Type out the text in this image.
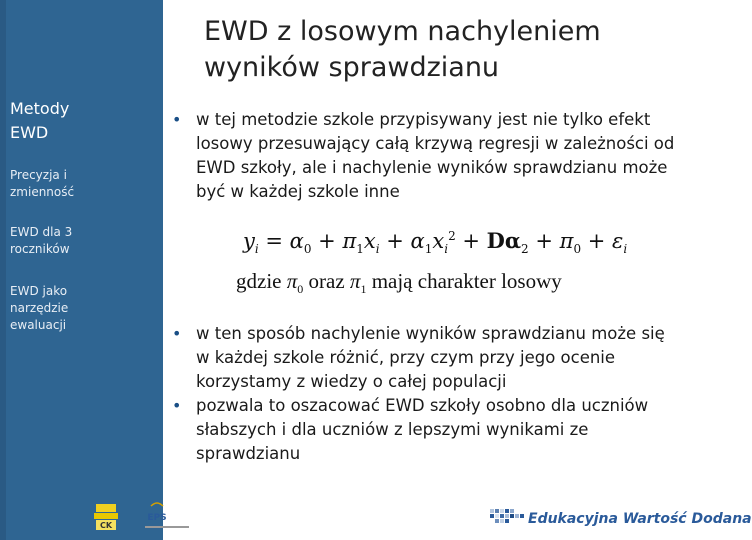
Metody EWD
Precyzja i zmienność
EWD dla 3 roczników
EWD jako narzędzie ewaluacji
EWD z losowym nachyleniem wyników sprawdzianu
• w tej metodzie szkole przypisywany jest nie tylko efekt losowy przesuwający całą krzywą regresji w zależności od EWD szkoły, ale i nachylenie wyników sprawdzianu może być w każdej szkole inne
$y_i = \alpha_0 + \pi_1x_i + \alpha_1x_i^2 + D\alpha_2 + \pi_0 + \varepsilon_i$
gdzie $\pi_0$ oraz $\pi_1$ mają charakter losowy
• w ten sposób nachylenie wyników sprawdzianu może się w każdej szkole różnić, przy czym przy jego ocenie korzystamy z wiedzy o całej populacji
• pozwala to oszacować EWD szkoły osobno dla uczniów słabszych i dla uczniów z lepszymi wynikami ze sprawdzianu
CK
EPS	Edukacyjna Wartość Dodana
